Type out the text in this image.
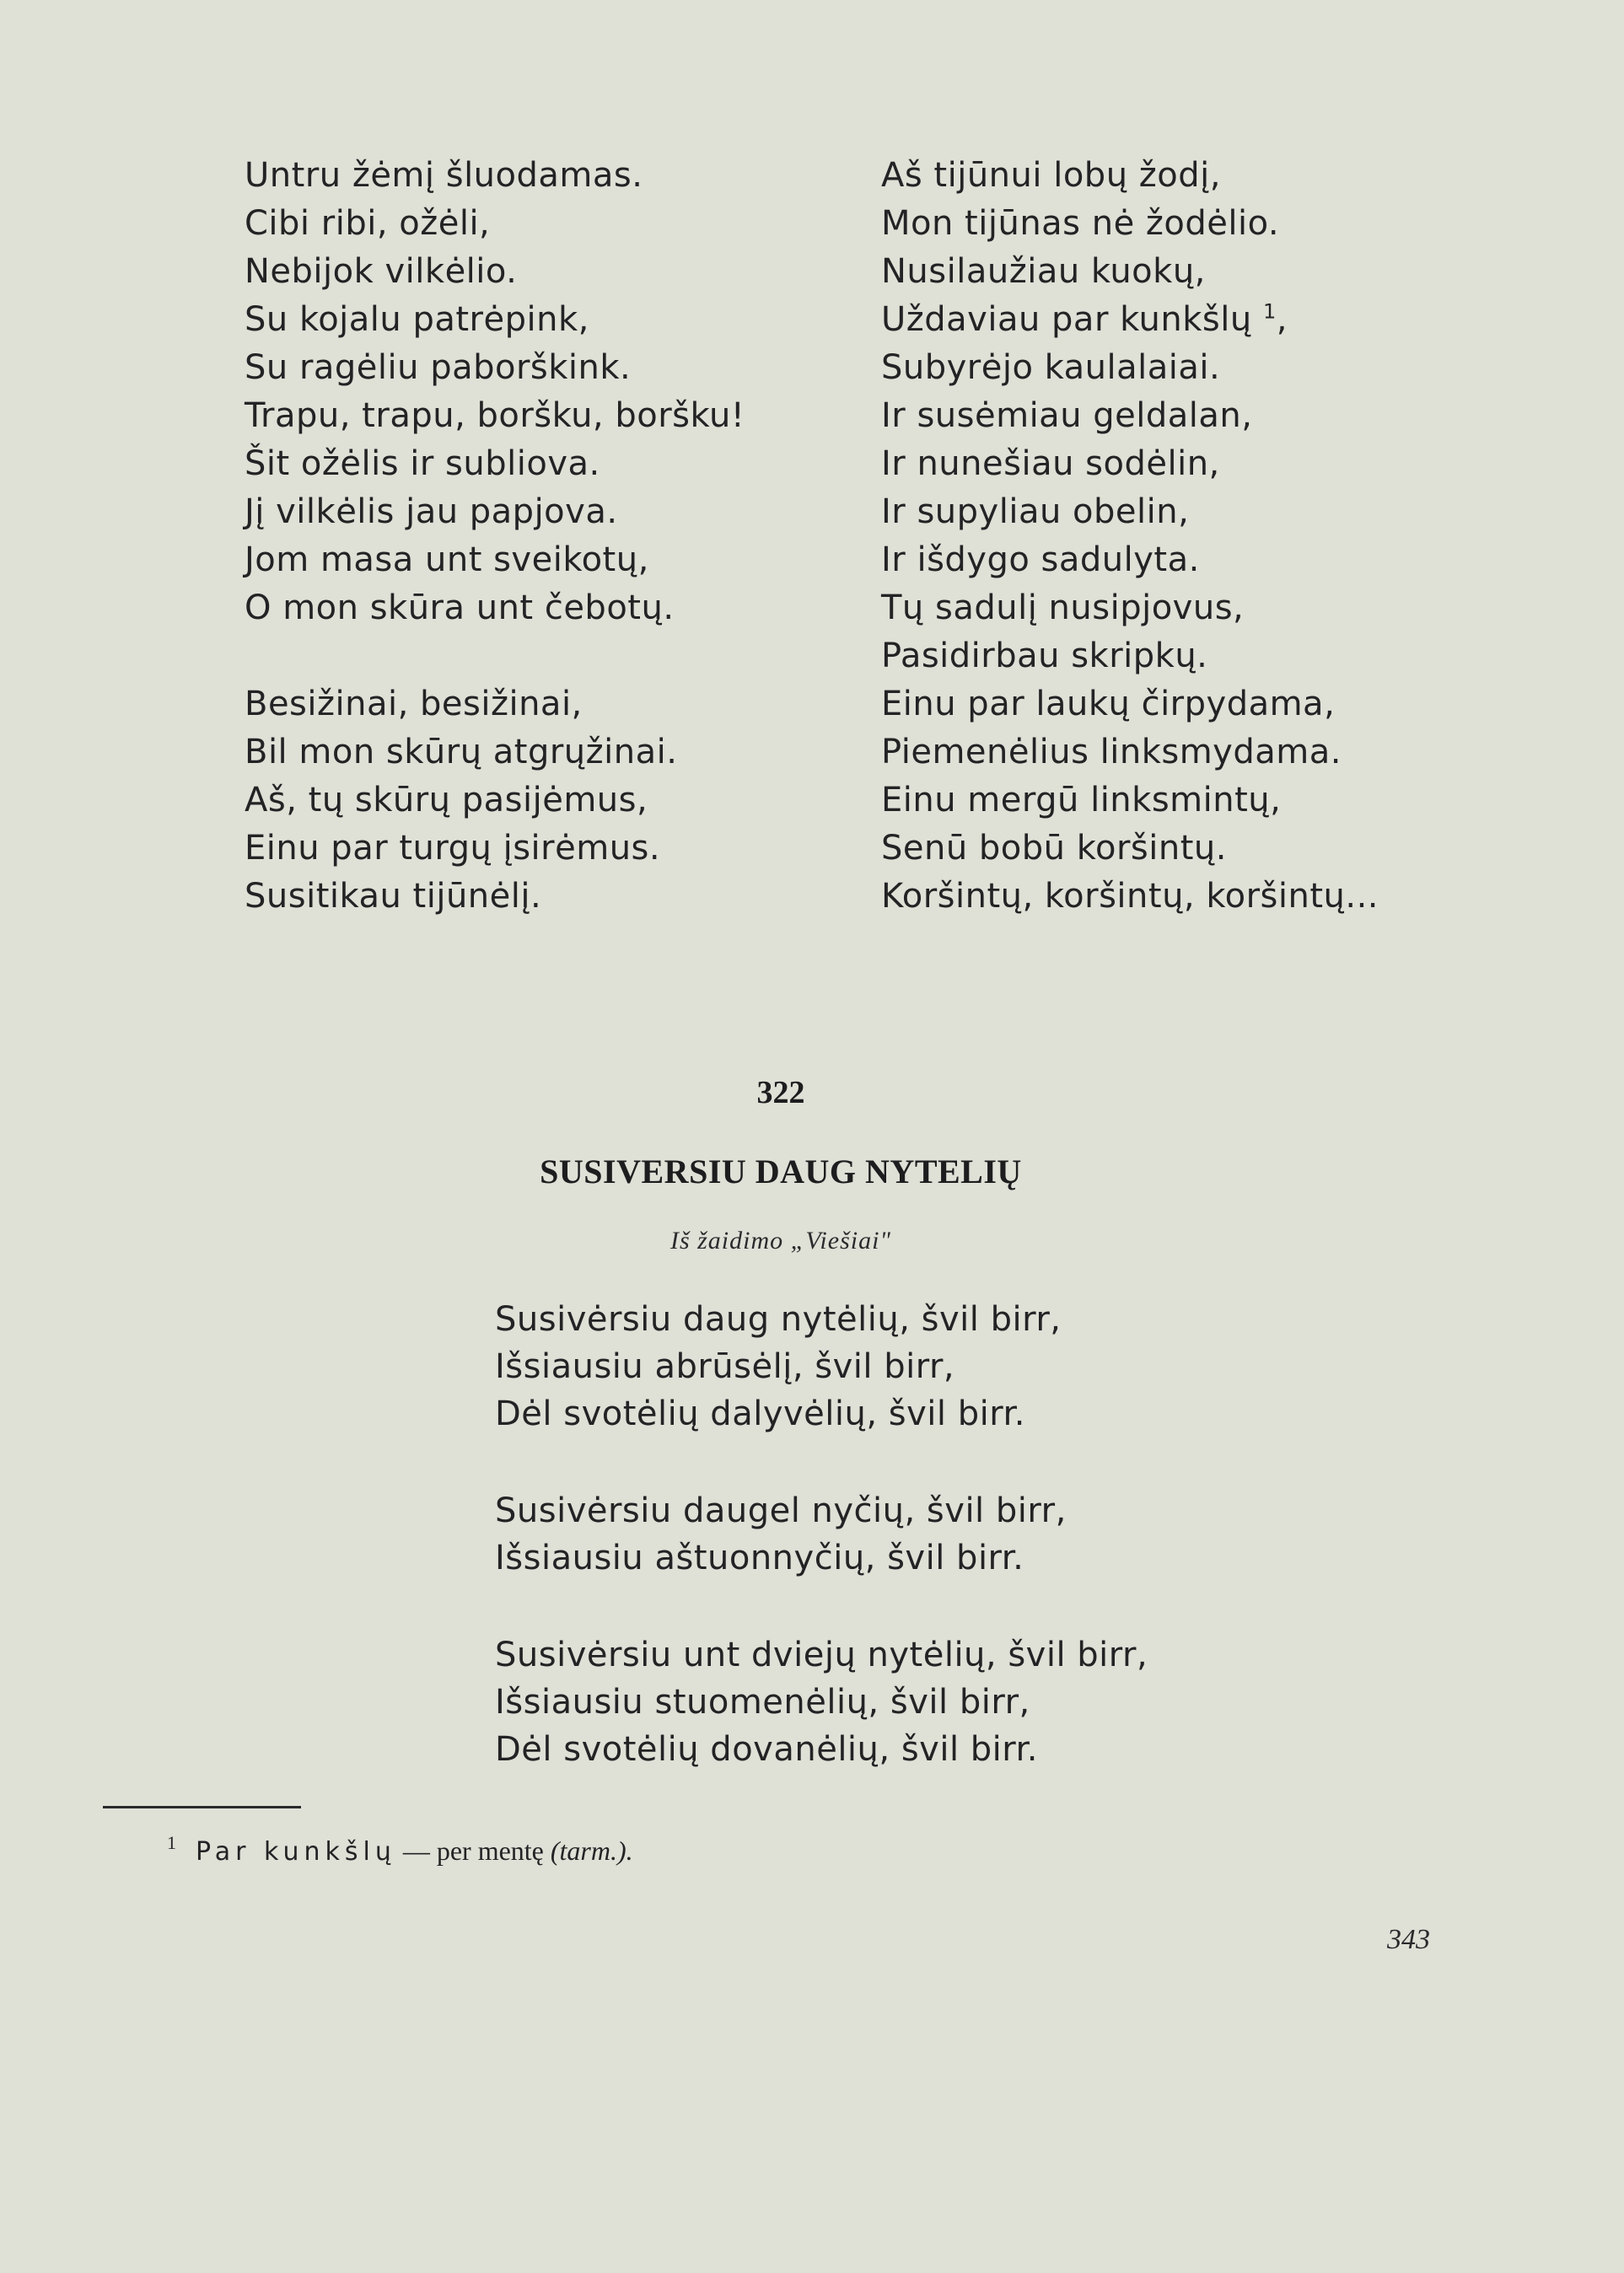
Untru žėmį šluodamas.
Cibi ribi, ožėli,
Nebijok vilkėlio.
Su kojalu patrėpink,
Su ragėliu paborškink.
Trapu, trapu, boršku, boršku!
Šit ožėlis ir subliova.
Jį vilkėlis jau papjova.
Jom masa unt sveikotų,
O mon skūra unt čebotų.
Besižinai, besižinai,
Bil mon skūrų atgrųžinai.
Aš, tų skūrų pasijėmus,
Einu par turgų įsirėmus.
Susitikau tijūnėlį.
Aš tijūnui lobų žodį,
Mon tijūnas nė žodėlio.
Nusilaužiau kuokų,
Uždaviau par kunkšlų $^1$,
Subyrėjo kaulalaiai.
Ir susėmiau geldalan,
Ir nunešiau sodėlin,
Ir supyliau obelin,
Ir išdygo sadulyta.
Tų sadulį nusipjovus,
Pasidirbau skripkų.
Einu par laukų čirpydama,
Piemenėlius linksmydama.
Einu mergū linksmintų,
Senū bobū koršintų.
Koršintų, koršintų, koršintų...
322
SUSIVERSIU DAUG NYTELIŲ
Iš žaidimo „Viešiai"
Susivėrsiu daug nytėlių, švil birr,
Išsiausiu abrūsėlį, švil birr,
Dėl svotėlių dalyvėlių, švil birr.
Susivėrsiu daugel nyčių, švil birr,
Išsiausiu aštuonnyčių, švil birr.
Susivėrsiu unt dviejų nytėlių, švil birr,
Išsiausiu stuomenėlių, švil birr,
Dėl svotėlių dovanėlių, švil birr.
1 Par kunkšlų — per mentę (tarm.).
343
